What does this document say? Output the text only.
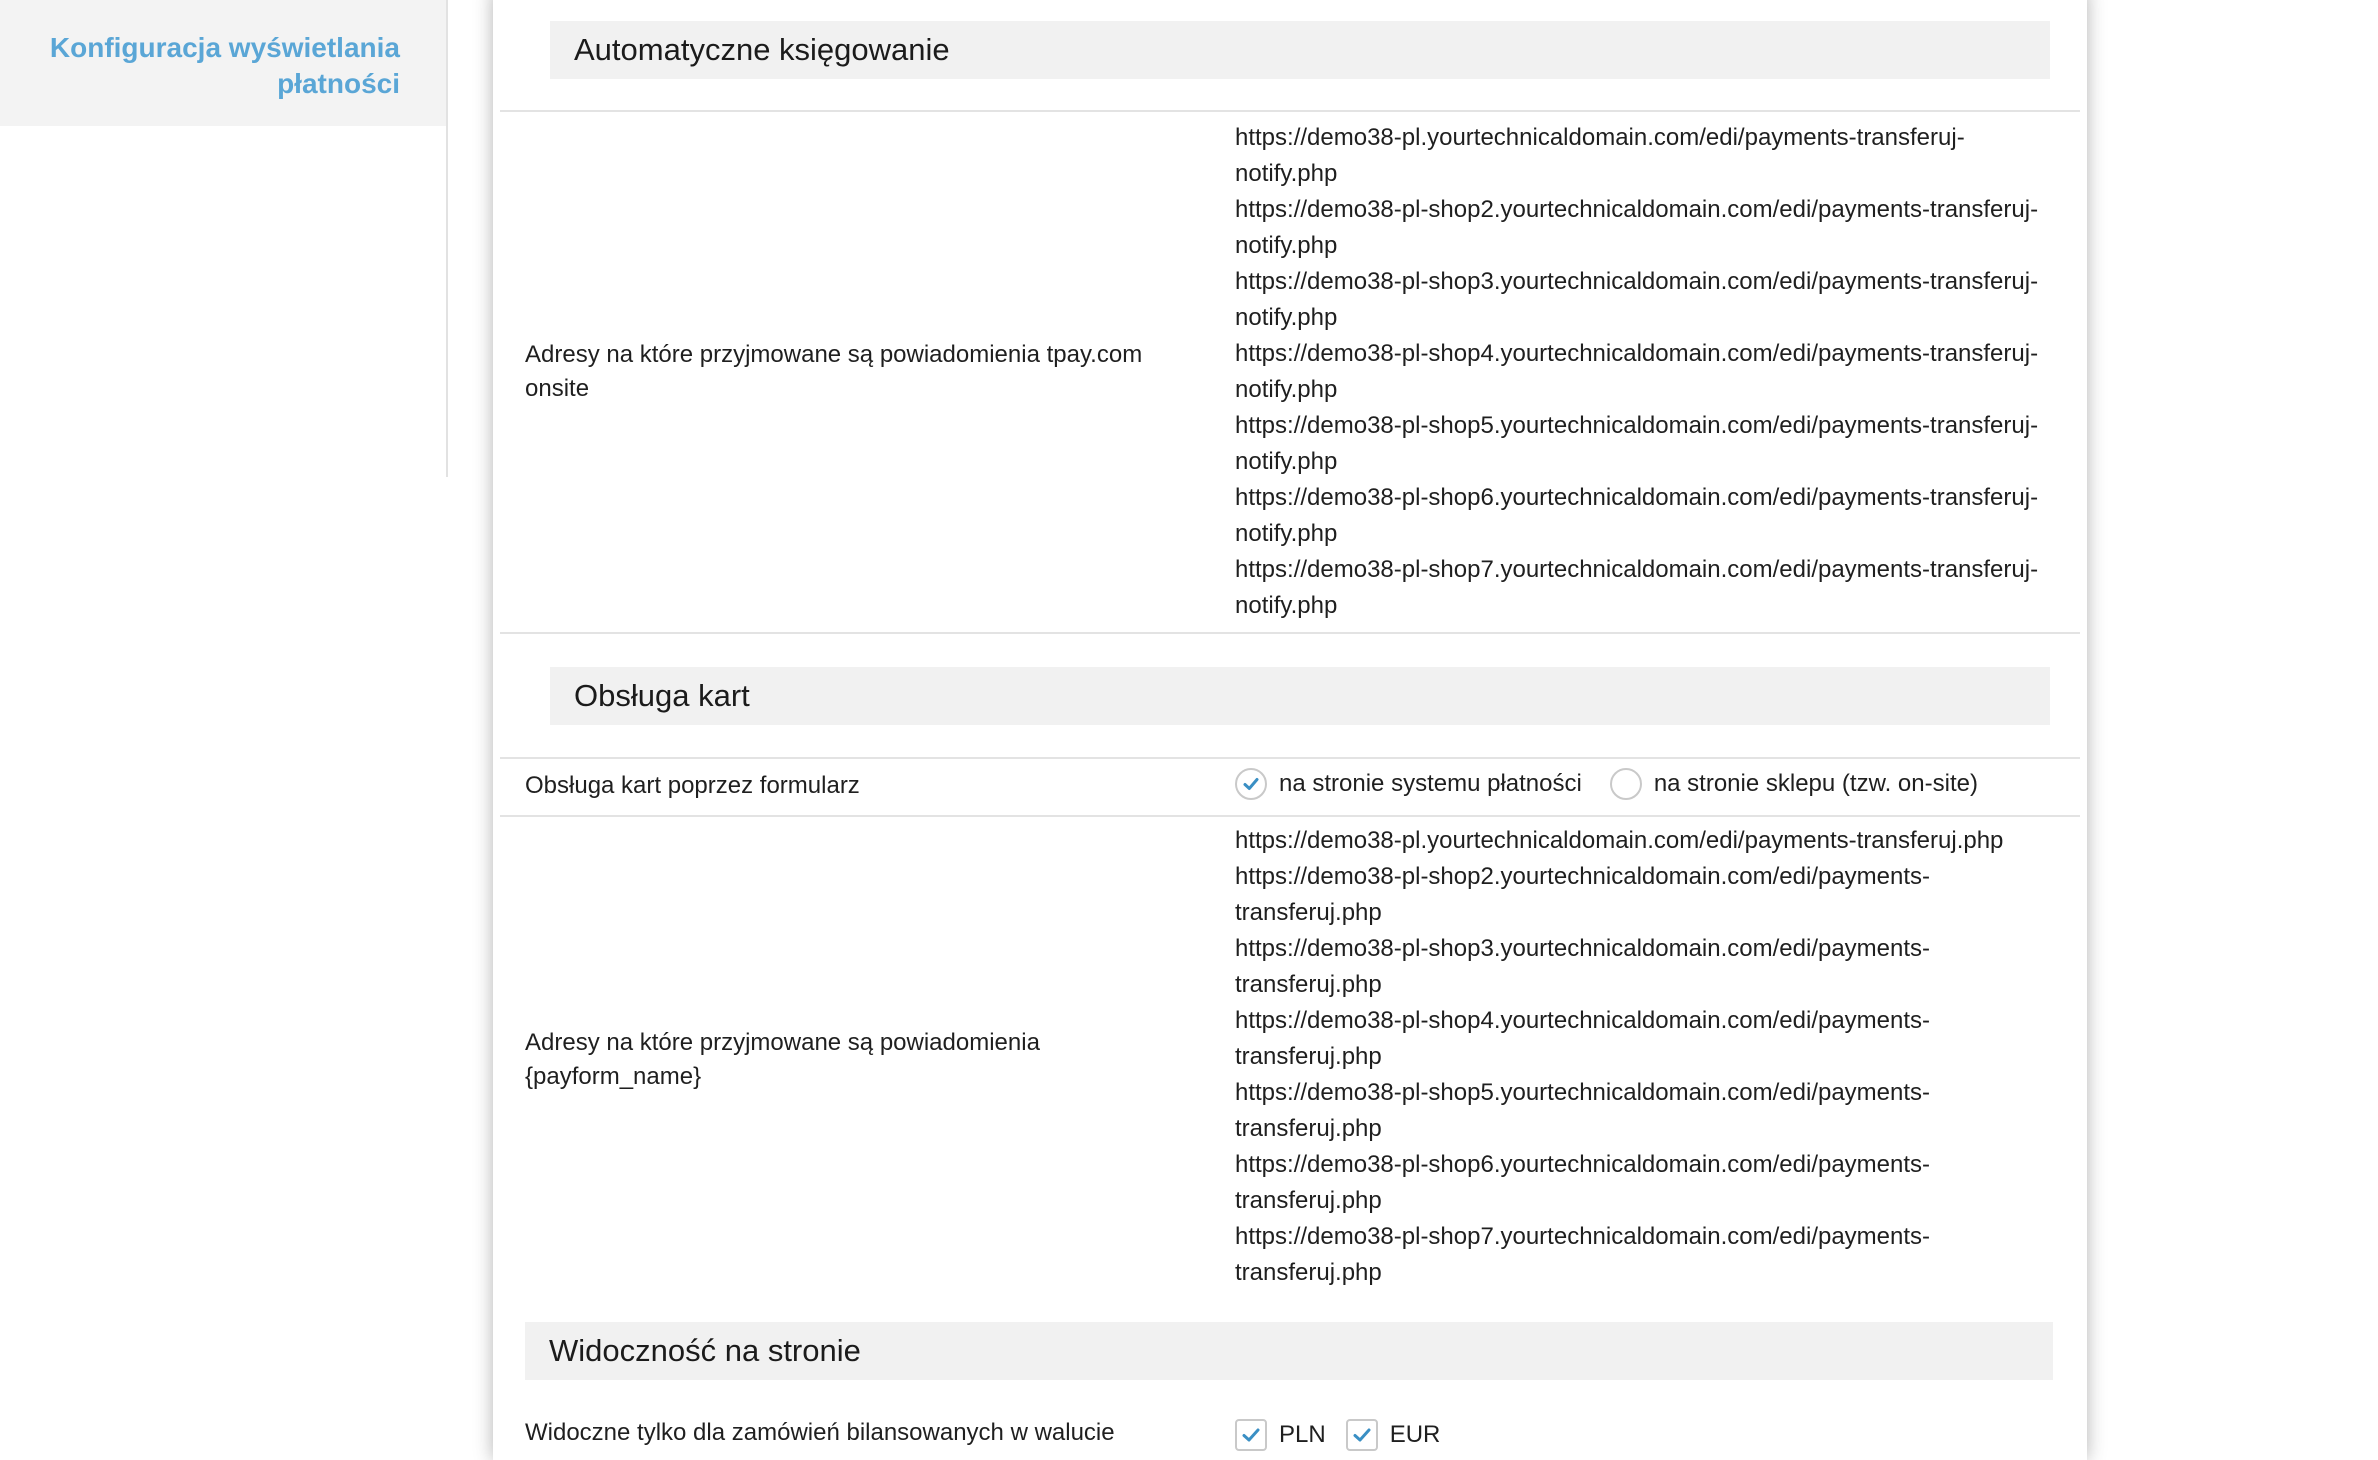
Konfiguracja wyświetlania płatności
Automatyczne księgowanie
Adresy na które przyjmowane są powiadomienia tpay.com onsite
https://demo38-pl.yourtechnicaldomain.com/edi/payments-transferuj-notify.php
https://demo38-pl-shop2.yourtechnicaldomain.com/edi/payments-transferuj-notify.php
https://demo38-pl-shop3.yourtechnicaldomain.com/edi/payments-transferuj-notify.php
https://demo38-pl-shop4.yourtechnicaldomain.com/edi/payments-transferuj-notify.php
https://demo38-pl-shop5.yourtechnicaldomain.com/edi/payments-transferuj-notify.php
https://demo38-pl-shop6.yourtechnicaldomain.com/edi/payments-transferuj-notify.php
https://demo38-pl-shop7.yourtechnicaldomain.com/edi/payments-transferuj-notify.php
Obsługa kart
Obsługa kart poprzez formularz	na stronie systemu płatności	na stronie sklepu (tzw. on-site)
Adresy na które przyjmowane są powiadomienia {payform_name}
https://demo38-pl.yourtechnicaldomain.com/edi/payments-transferuj.php
https://demo38-pl-shop2.yourtechnicaldomain.com/edi/payments-transferuj.php
https://demo38-pl-shop3.yourtechnicaldomain.com/edi/payments-transferuj.php
https://demo38-pl-shop4.yourtechnicaldomain.com/edi/payments-transferuj.php
https://demo38-pl-shop5.yourtechnicaldomain.com/edi/payments-transferuj.php
https://demo38-pl-shop6.yourtechnicaldomain.com/edi/payments-transferuj.php
https://demo38-pl-shop7.yourtechnicaldomain.com/edi/payments-transferuj.php
Widoczność na stronie
Widoczne tylko dla zamówień bilansowanych w walucie	PLN	EUR
